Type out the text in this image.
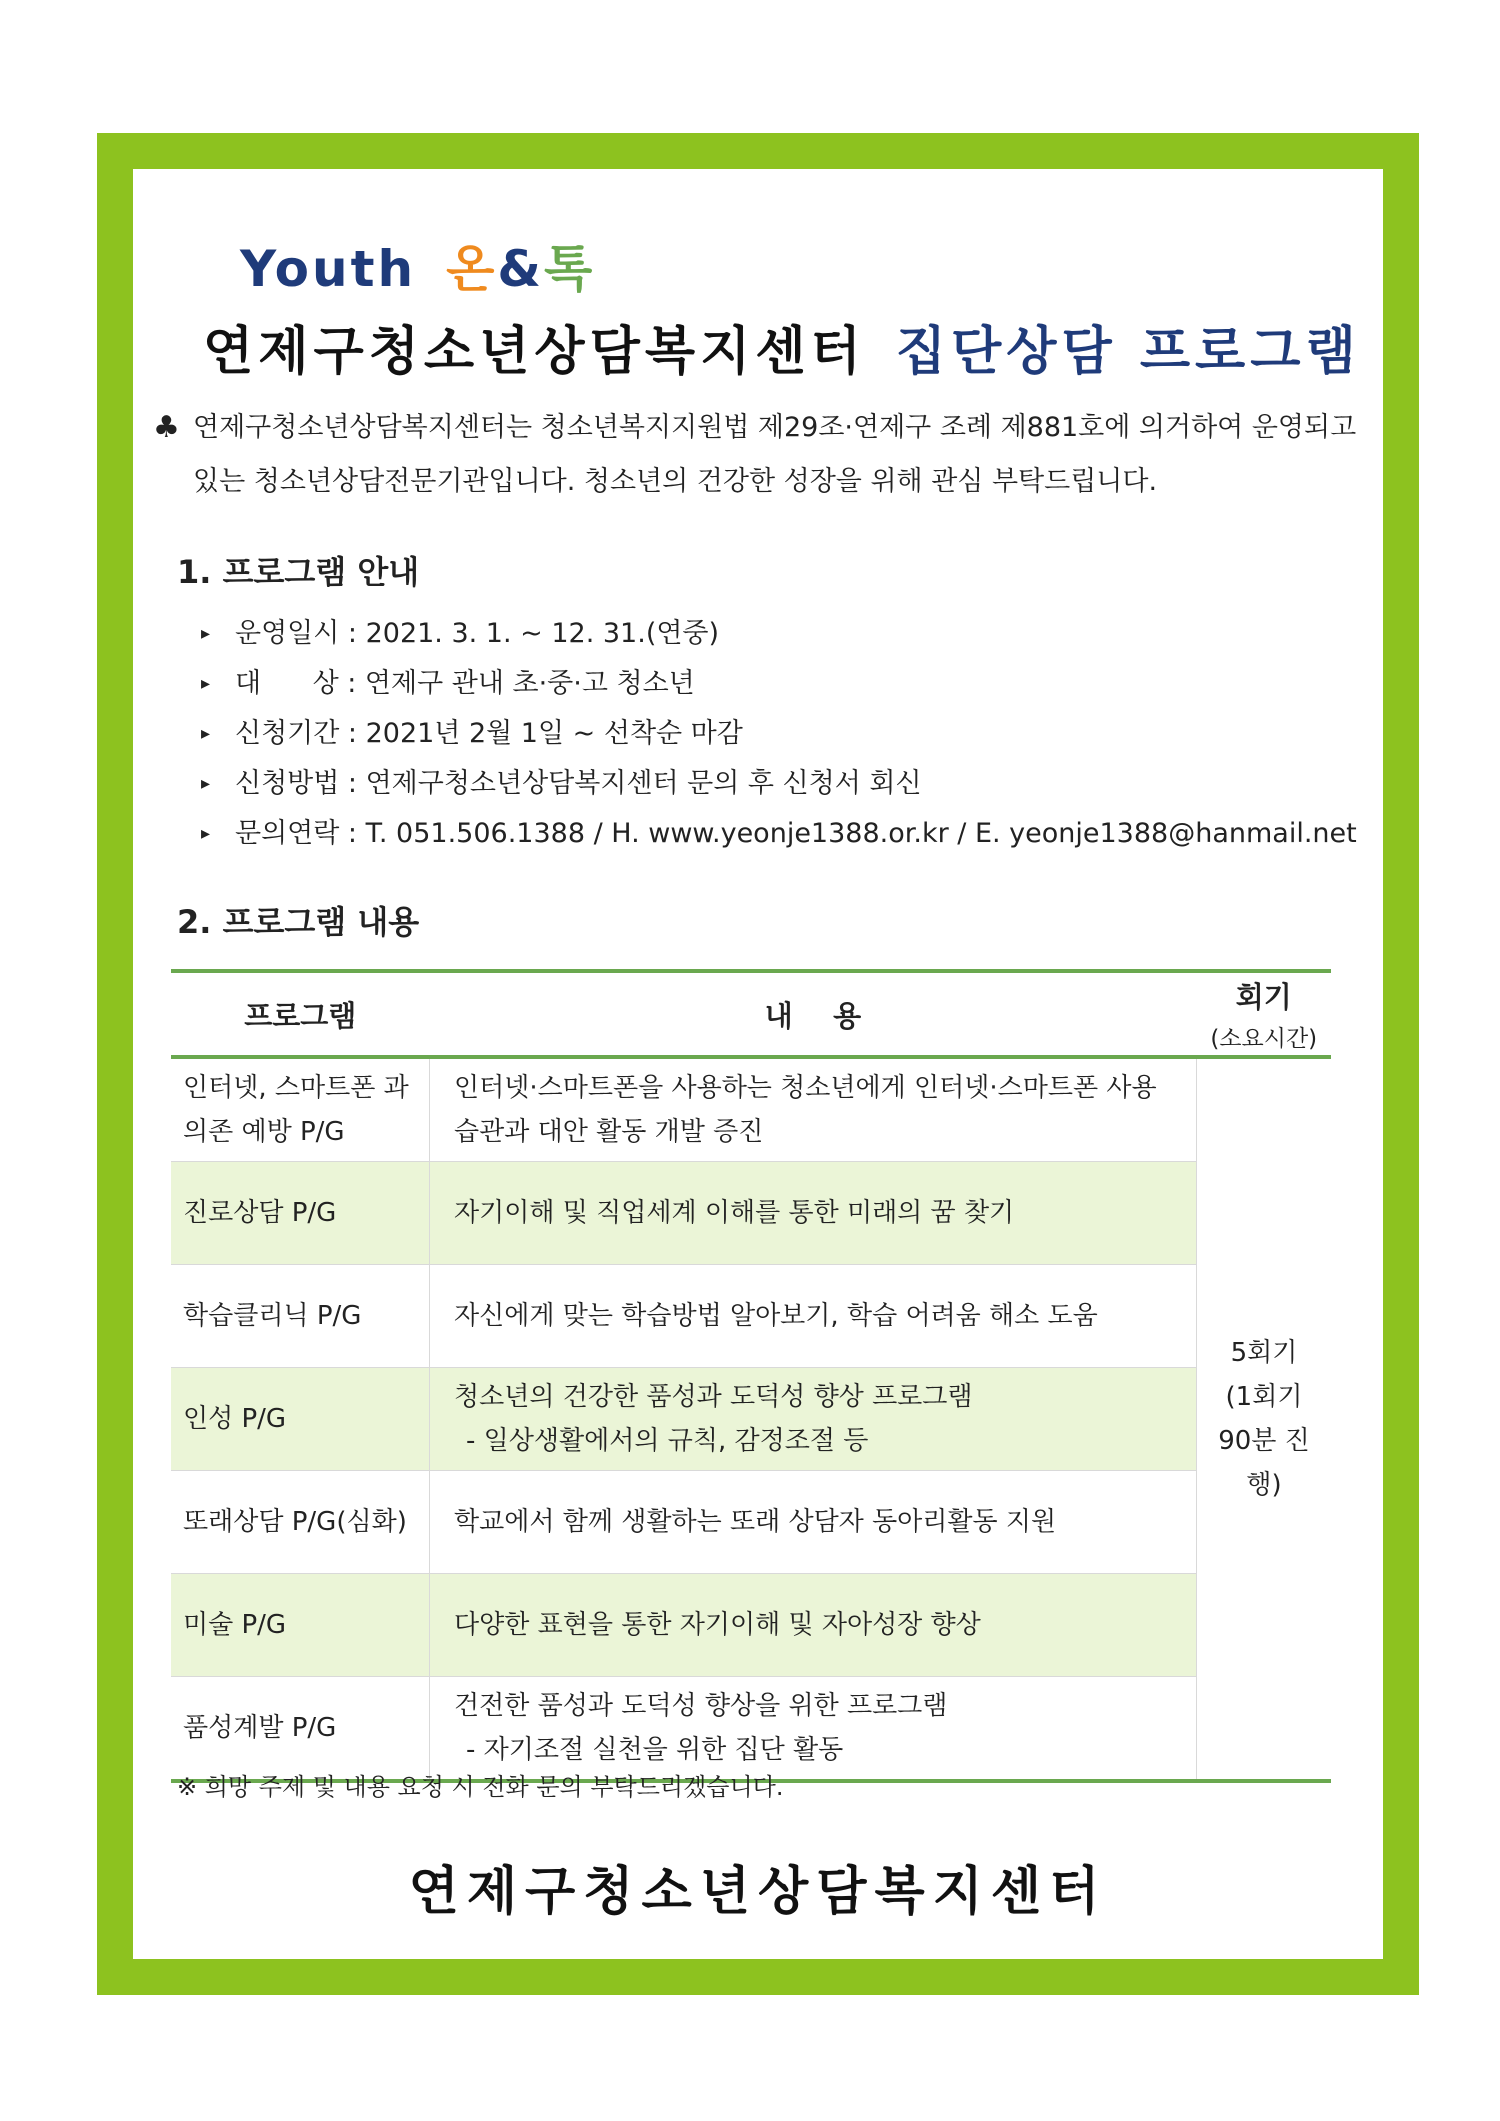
Youth 온&톡
연제구청소년상담복지센터 집단상담 프로그램
♣ 연제구청소년상담복지센터는 청소년복지지원법 제29조·연제구 조례 제881호에 의거하여 운영되고 있는 청소년상담전문기관입니다. 청소년의 건강한 성장을 위해 관심 부탁드립니다.
1. 프로그램 안내
▸ 운영일시 : 2021. 3. 1. ~ 12. 31.(연중)
▸ 대      상 : 연제구 관내 초·중·고 청소년
▸ 신청기간 : 2021년 2월 1일 ~ 선착순 마감
▸ 신청방법 : 연제구청소년상담복지센터 문의 후 신청서 회신
▸ 문의연락 : T. 051.506.1388 / H. www.yeonje1388.or.kr / E. yeonje1388@hanmail.net
2. 프로그램 내용
프로그램	내    용	회기
(소요시간)

인터넷, 스마트폰 과의존 예방 P/G	인터넷·스마트폰을 사용하는 청소년에게 인터넷·스마트폰 사용 습관과 대안 활동 개발 증진	5회기
(1회기
90분 진행)

진로상담 P/G	자기이해 및 직업세계 이해를 통한 미래의 꿈 찾기	
학습클리닉 P/G	자신에게 맞는 학습방법 알아보기, 학습 어려움 해소 도움	
인성 P/G	청소년의 건강한 품성과 도덕성 향상 프로그램
- 일상생활에서의 규칙, 감정조절 등	

또래상담 P/G(심화)	학교에서 함께 생활하는 또래 상담자 동아리활동 지원	
미술 P/G	다양한 표현을 통한 자기이해 및 자아성장 향상	
품성계발 P/G	건전한 품성과 도덕성 향상을 위한 프로그램
- 자기조절 실천을 위한 집단 활동	
※ 희망 주제 및 내용 요청 시 전화 문의 부탁드리겠습니다.
연제구청소년상담복지센터
